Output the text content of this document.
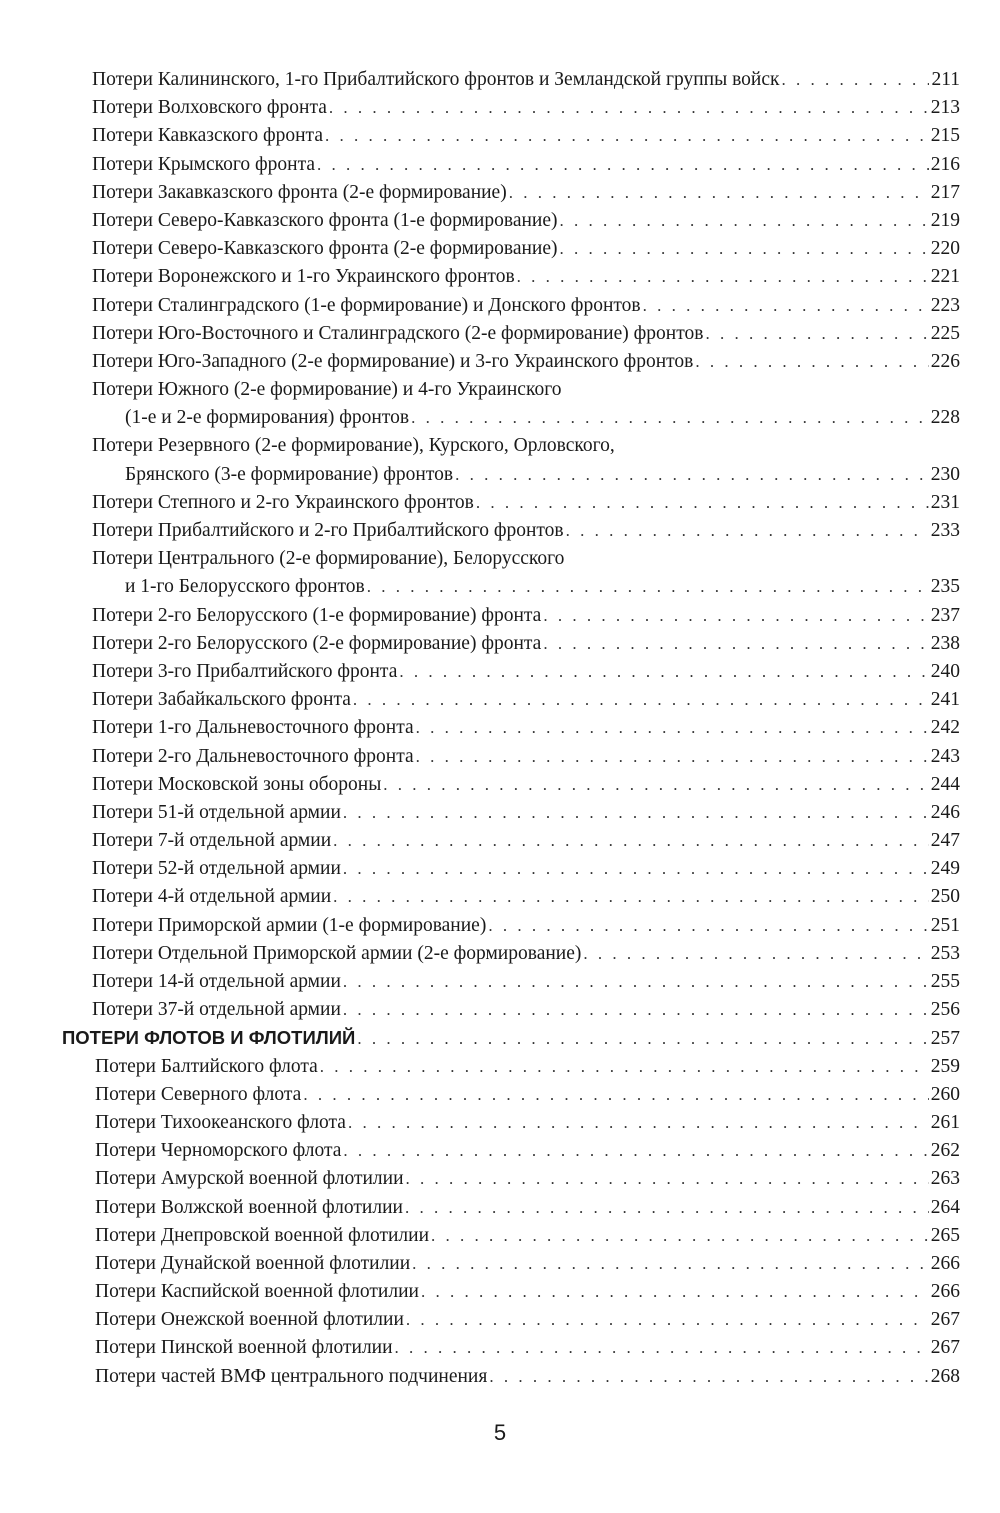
Потери Калининского, 1-го Прибалтийского фронтов и Земландской группы войск . . .	211
Потери Волховского фронта . . .	213
Потери Кавказского фронта . . .	215
Потери Крымского фронта . . .	216
Потери Закавказского фронта (2-е формирование) . . .	217
Потери Северо-Кавказского фронта (1-е формирование) . . .	219
Потери Северо-Кавказского фронта (2-е формирование) . . .	220
Потери Воронежского и 1-го Украинского фронтов . . .	221
Потери Сталинградского (1-е формирование) и Донского фронтов . . .	223
Потери Юго-Восточного и Сталинградского (2-е формирование) фронтов . . .	225
Потери Юго-Западного (2-е формирование) и 3-го Украинского фронтов . . .	226
Потери Южного (2-е формирование) и 4-го Украинского
(1-е и 2-е формирования) фронтов . . .	228
Потери Резервного (2-е формирование), Курского, Орловского,
Брянского (3-е формирование) фронтов . . .	230
Потери Степного и 2-го Украинского фронтов . . .	231
Потери Прибалтийского и 2-го Прибалтийского фронтов . . .	233
Потери Центрального (2-е формирование), Белорусского
и 1-го Белорусского фронтов . . .	235
Потери 2-го Белорусского (1-е формирование) фронта . . .	237
Потери 2-го Белорусского (2-е формирование) фронта . . .	238
Потери 3-го Прибалтийского фронта . . .	240
Потери Забайкальского фронта . . .	241
Потери 1-го Дальневосточного фронта . . .	242
Потери 2-го Дальневосточного фронта . . .	243
Потери Московской зоны обороны . . .	244
Потери 51-й отдельной армии . . .	246
Потери 7-й отдельной армии . . .	247
Потери 52-й отдельной армии . . .	249
Потери 4-й отдельной армии . . .	250
Потери Приморской армии (1-е формирование) . . .	251
Потери Отдельной Приморской армии (2-е формирование) . . .	253
Потери 14-й отдельной армии . . .	255
Потери 37-й отдельной армии . . .	256
ПОТЕРИ ФЛОТОВ И ФЛОТИЛИЙ . . .	257
Потери Балтийского флота . . .	259
Потери Северного флота . . .	260
Потери Тихоокеанского флота . . .	261
Потери Черноморского флота . . .	262
Потери Амурской военной флотилии . . .	263
Потери Волжской военной флотилии . . .	264
Потери Днепровской военной флотилии . . .	265
Потери Дунайской военной флотилии . . .	266
Потери Каспийской военной флотилии . . .	266
Потери Онежской военной флотилии . . .	267
Потери Пинской военной флотилии . . .	267
Потери частей ВМФ центрального подчинения . . .	268
5
